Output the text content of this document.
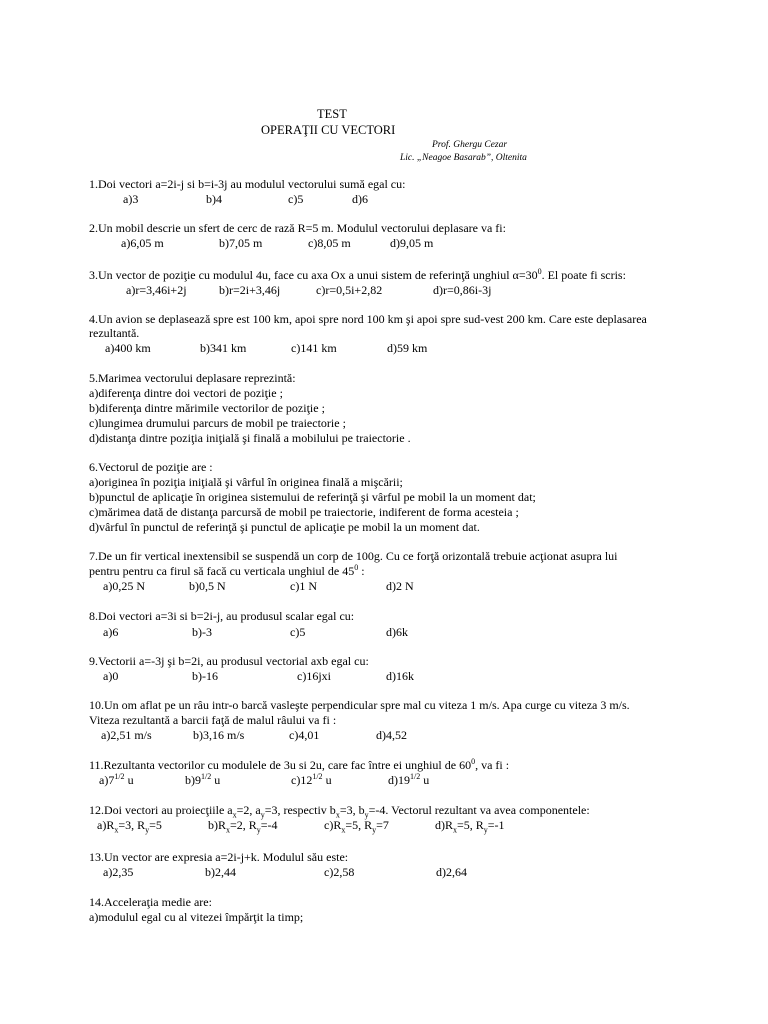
TEST
OPERAŢII CU VECTORI
Prof. Ghergu Cezar
Lic. „Neagoe Basarab”, Oltenita
1.Doi vectori a=2i-j si b=i-3j au modulul vectorului sumă egal cu:
a)3	b)4	c)5	d)6
2.Un mobil descrie un sfert de cerc de rază R=5 m. Modulul vectorului deplasare va fi:
a)6,05 m	b)7,05 m	c)8,05 m	d)9,05 m
3.Un vector de poziţie cu modulul 4u, face cu axa Ox a unui sistem de referinţă unghiul $\alpha=30^0$. El poate fi scris:
a)r=3,46i+2j	b)r=2i+3,46j	c)r=0,5i+2,82	d)r=0,86i-3j
4.Un avion se deplasează spre est 100 km, apoi spre nord 100 km şi apoi spre sud-vest 200 km. Care este deplasarea
rezultantă.
a)400 km	b)341 km	c)141 km	d)59 km
5.Marimea vectorului deplasare reprezintă:
a)diferenţa dintre doi vectori de poziţie ;
b)diferenţa dintre mărimile vectorilor de poziţie ;
c)lungimea drumului parcurs de mobil pe traiectorie ;
d)distanţa dintre poziţia iniţială şi finală a mobilului pe traiectorie .
6.Vectorul de poziţie are :
a)originea în poziţia iniţială şi vârful în originea finală a mişcării;
b)punctul de aplicaţie în originea sistemului de referinţă şi vârful pe mobil la un moment dat;
c)mărimea dată de distanţa parcursă de mobil pe traiectorie, indiferent de forma acesteia ;
d)vârful în punctul de referinţă şi punctul de aplicaţie pe mobil la un moment dat.
7.De un fir vertical inextensibil se suspendă un corp de 100g. Cu ce forţă orizontală trebuie acţionat asupra lui
pentru pentru ca firul să facă cu verticala unghiul de $45^0$ :
a)0,25 N	b)0,5 N	c)1 N	d)2 N
8.Doi vectori a=3i si b=2i-j, au produsul scalar egal cu:
a)6	b)-3	c)5	d)6k
9.Vectorii a=-3j şi b=2i, au produsul vectorial axb egal cu:
a)0	b)-16	c)16jxi	d)16k
10.Un om aflat pe un râu intr-o barcă vasleşte perpendicular spre mal cu viteza 1 m/s. Apa curge cu viteza 3 m/s.
Viteza rezultantă a barcii faţă de malul râului va fi :
a)2,51 m/s	b)3,16 m/s	c)4,01	d)4,52
11.Rezultanta vectorilor cu modulele de 3u si 2u, care fac între ei unghiul de $60^0$, va fi :
$a)7^{1/2}$ u	$b)9^{1/2}$ u	$c)12^{1/2}$ u	$d)19^{1/2}$ u
12.Doi vectori au proiecţiile $a_x=2$, $a_y=3$, respectiv $b_x=3$, $b_y=-4$. Vectorul rezultant va avea componentele:
$a)R_x=3$, $R_y=5$	$b)R_x=2$, $R_y=-4$	$c)R_x=5$, $R_y=7$	$d)R_x=5$, $R_y=-1$
13.Un vector are expresia a=2i-j+k. Modulul său este:
a)2,35	b)2,44	c)2,58	d)2,64
14.Acceleraţia medie are:
a)modulul egal cu al vitezei împărţit la timp;
